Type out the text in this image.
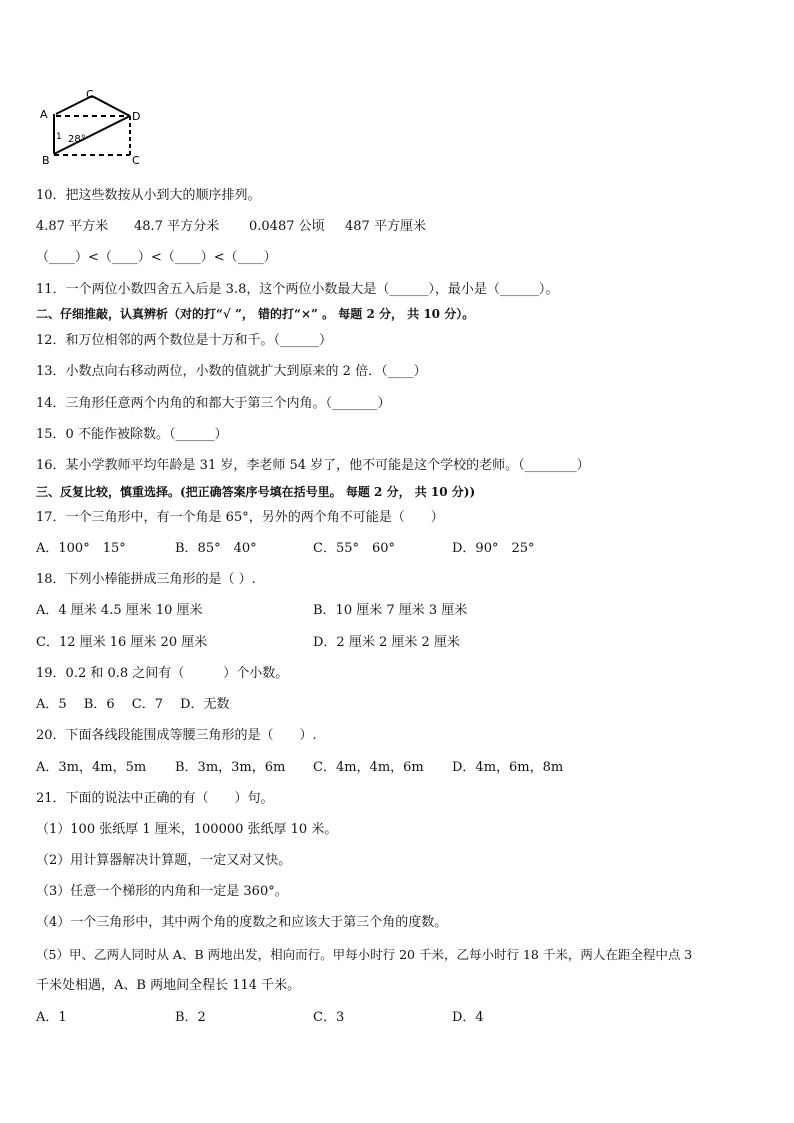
A
C
D
B	C
1 28°
10．把这些数按从小到大的顺序排列。
4.87 平方米 48.7 平方分米 0.0487 公顷 487 平方厘米
（____）<（____）<（____）<（____）
11．一个两位小数四舍五入后是 3.8，这个两位小数最大是（______），最小是（______）。
二、仔细推敲，认真辨析（对的打“√ ”， 错的打“×” 。 每题 2 分， 共 10 分）。
12．和万位相邻的两个数位是十万和千。（______）
13．小数点向右移动两位，小数的值就扩大到原来的 2 倍．（____）
14．三角形任意两个内角的和都大于第三个内角。（_______）
15．0 不能作被除数。（______）
16．某小学教师平均年龄是 31 岁，李老师 54 岁了，他不可能是这个学校的老师。（________）
三、反复比较，慎重选择。(把正确答案序号填在括号里。 每题 2 分， 共 10 分))
17．一个三角形中，有一个角是 65°，另外的两个角不可能是（　　）
A．100°　15°	B．85°　40°	C．55°　60°	D．90°　25°
18．下列小棒能拼成三角形的是（ ）.
A．4 厘米 4.5 厘米 10 厘米	B．10 厘米 7 厘米 3 厘米
C．12 厘米 16 厘米 20 厘米	D．2 厘米 2 厘米 2 厘米
19．0.2 和 0.8 之间有（　　　）个小数。
A．5　 B．6　 C．7　 D．无数
20．下面各线段能围成等腰三角形的是（　　）.
A．3m，4m，5m B．3m，3m，6m C．4m，4m，6m D．4m，6m，8m
21．下面的说法中正确的有（　　）句。
（1）100 张纸厚 1 厘米，100000 张纸厚 10 米。
（2）用计算器解决计算题，一定又对又快。
（3）任意一个梯形的内角和一定是 360°。
（4）一个三角形中，其中两个角的度数之和应该大于第三个角的度数。
（5）甲、乙两人同时从 A、B 两地出发，相向而行。甲每小时行 20 千米，乙每小时行 18 千米，两人在距全程中点 3
千米处相遇，A、B 两地间全程长 114 千米。
A．1	B．2	C．3	D．4
